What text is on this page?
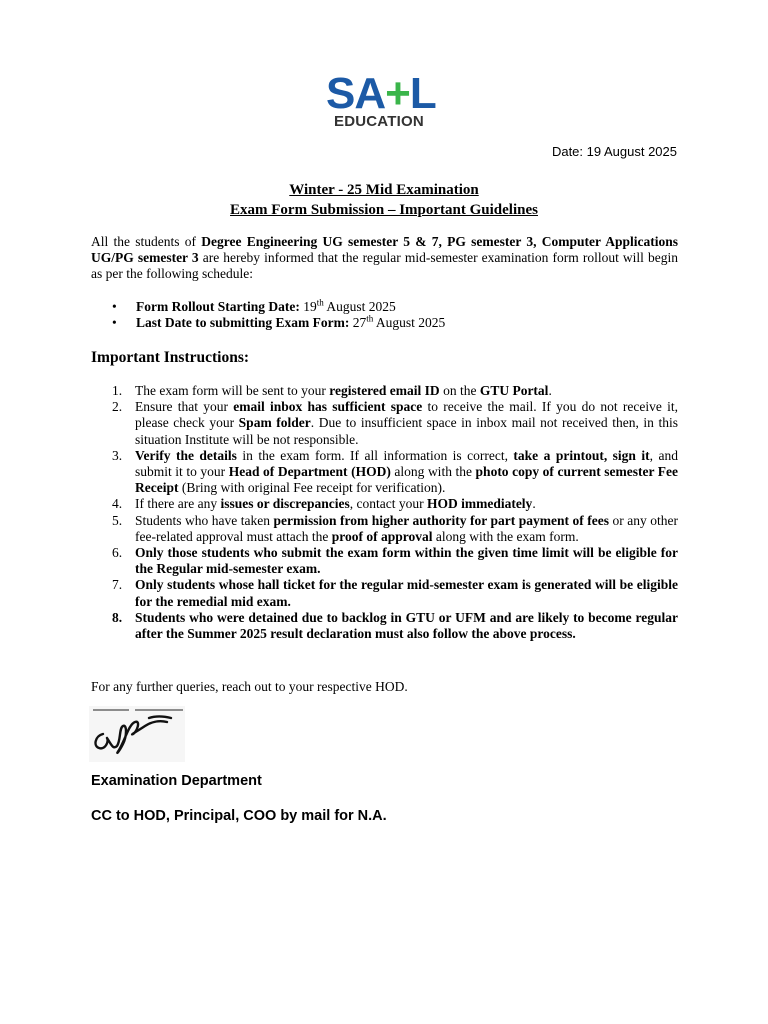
SA+L
EDUCATION
Date: 19 August 2025
Winter - 25 Mid Examination
Exam Form Submission – Important Guidelines
All the students of Degree Engineering UG semester 5 & 7, PG semester 3, Computer Applications UG/PG semester 3 are hereby informed that the regular mid-semester examination form rollout will begin as per the following schedule:
• Form Rollout Starting Date: 19th August 2025
• Last Date to submitting Exam Form: 27th August 2025
Important Instructions:
1. The exam form will be sent to your registered email ID on the GTU Portal.
2. Ensure that your email inbox has sufficient space to receive the mail. If you do not receive it, please check your Spam folder. Due to insufficient space in inbox mail not received then, in this situation Institute will be not responsible.
3. Verify the details in the exam form. If all information is correct, take a printout, sign it, and submit it to your Head of Department (HOD) along with the photo copy of current semester Fee Receipt (Bring with original Fee receipt for verification).
4. If there are any issues or discrepancies, contact your HOD immediately.
5. Students who have taken permission from higher authority for part payment of fees or any other fee-related approval must attach the proof of approval along with the exam form.
6. Only those students who submit the exam form within the given time limit will be eligible for the Regular mid-semester exam.
7. Only students whose hall ticket for the regular mid-semester exam is generated will be eligible for the remedial mid exam.
8. Students who were detained due to backlog in GTU or UFM and are likely to become regular after the Summer 2025 result declaration must also follow the above process.
For any further queries, reach out to your respective HOD.
Examination Department
CC to HOD, Principal, COO by mail for N.A.
